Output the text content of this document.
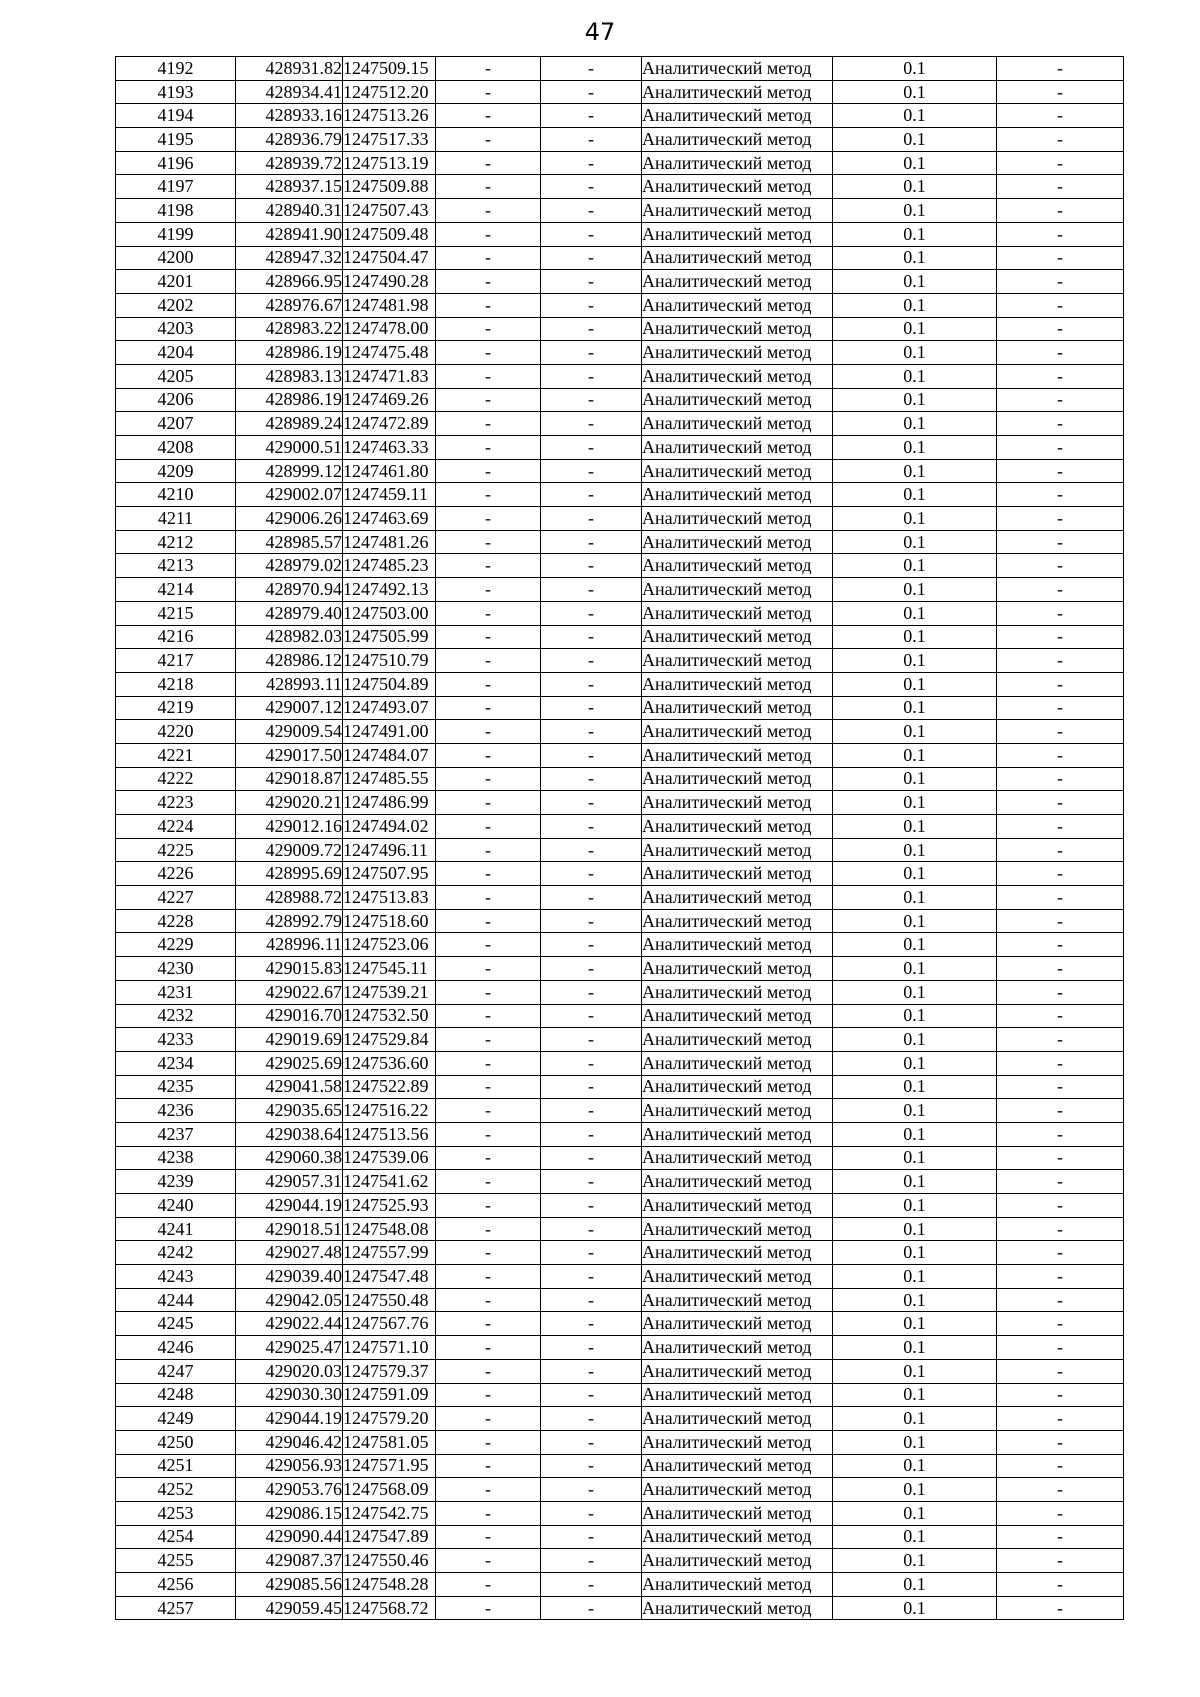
47
4192	428931.82	1247509.15	-	-	Аналитический метод	0.1	-
4193	428934.41	1247512.20	-	-	Аналитический метод	0.1	-
4194	428933.16	1247513.26	-	-	Аналитический метод	0.1	-
4195	428936.79	1247517.33	-	-	Аналитический метод	0.1	-
4196	428939.72	1247513.19	-	-	Аналитический метод	0.1	-
4197	428937.15	1247509.88	-	-	Аналитический метод	0.1	-
4198	428940.31	1247507.43	-	-	Аналитический метод	0.1	-
4199	428941.90	1247509.48	-	-	Аналитический метод	0.1	-
4200	428947.32	1247504.47	-	-	Аналитический метод	0.1	-
4201	428966.95	1247490.28	-	-	Аналитический метод	0.1	-
4202	428976.67	1247481.98	-	-	Аналитический метод	0.1	-
4203	428983.22	1247478.00	-	-	Аналитический метод	0.1	-
4204	428986.19	1247475.48	-	-	Аналитический метод	0.1	-
4205	428983.13	1247471.83	-	-	Аналитический метод	0.1	-
4206	428986.19	1247469.26	-	-	Аналитический метод	0.1	-
4207	428989.24	1247472.89	-	-	Аналитический метод	0.1	-
4208	429000.51	1247463.33	-	-	Аналитический метод	0.1	-
4209	428999.12	1247461.80	-	-	Аналитический метод	0.1	-
4210	429002.07	1247459.11	-	-	Аналитический метод	0.1	-
4211	429006.26	1247463.69	-	-	Аналитический метод	0.1	-
4212	428985.57	1247481.26	-	-	Аналитический метод	0.1	-
4213	428979.02	1247485.23	-	-	Аналитический метод	0.1	-
4214	428970.94	1247492.13	-	-	Аналитический метод	0.1	-
4215	428979.40	1247503.00	-	-	Аналитический метод	0.1	-
4216	428982.03	1247505.99	-	-	Аналитический метод	0.1	-
4217	428986.12	1247510.79	-	-	Аналитический метод	0.1	-
4218	428993.11	1247504.89	-	-	Аналитический метод	0.1	-
4219	429007.12	1247493.07	-	-	Аналитический метод	0.1	-
4220	429009.54	1247491.00	-	-	Аналитический метод	0.1	-
4221	429017.50	1247484.07	-	-	Аналитический метод	0.1	-
4222	429018.87	1247485.55	-	-	Аналитический метод	0.1	-
4223	429020.21	1247486.99	-	-	Аналитический метод	0.1	-
4224	429012.16	1247494.02	-	-	Аналитический метод	0.1	-
4225	429009.72	1247496.11	-	-	Аналитический метод	0.1	-
4226	428995.69	1247507.95	-	-	Аналитический метод	0.1	-
4227	428988.72	1247513.83	-	-	Аналитический метод	0.1	-
4228	428992.79	1247518.60	-	-	Аналитический метод	0.1	-
4229	428996.11	1247523.06	-	-	Аналитический метод	0.1	-
4230	429015.83	1247545.11	-	-	Аналитический метод	0.1	-
4231	429022.67	1247539.21	-	-	Аналитический метод	0.1	-
4232	429016.70	1247532.50	-	-	Аналитический метод	0.1	-
4233	429019.69	1247529.84	-	-	Аналитический метод	0.1	-
4234	429025.69	1247536.60	-	-	Аналитический метод	0.1	-
4235	429041.58	1247522.89	-	-	Аналитический метод	0.1	-
4236	429035.65	1247516.22	-	-	Аналитический метод	0.1	-
4237	429038.64	1247513.56	-	-	Аналитический метод	0.1	-
4238	429060.38	1247539.06	-	-	Аналитический метод	0.1	-
4239	429057.31	1247541.62	-	-	Аналитический метод	0.1	-
4240	429044.19	1247525.93	-	-	Аналитический метод	0.1	-
4241	429018.51	1247548.08	-	-	Аналитический метод	0.1	-
4242	429027.48	1247557.99	-	-	Аналитический метод	0.1	-
4243	429039.40	1247547.48	-	-	Аналитический метод	0.1	-
4244	429042.05	1247550.48	-	-	Аналитический метод	0.1	-
4245	429022.44	1247567.76	-	-	Аналитический метод	0.1	-
4246	429025.47	1247571.10	-	-	Аналитический метод	0.1	-
4247	429020.03	1247579.37	-	-	Аналитический метод	0.1	-
4248	429030.30	1247591.09	-	-	Аналитический метод	0.1	-
4249	429044.19	1247579.20	-	-	Аналитический метод	0.1	-
4250	429046.42	1247581.05	-	-	Аналитический метод	0.1	-
4251	429056.93	1247571.95	-	-	Аналитический метод	0.1	-
4252	429053.76	1247568.09	-	-	Аналитический метод	0.1	-
4253	429086.15	1247542.75	-	-	Аналитический метод	0.1	-
4254	429090.44	1247547.89	-	-	Аналитический метод	0.1	-
4255	429087.37	1247550.46	-	-	Аналитический метод	0.1	-
4256	429085.56	1247548.28	-	-	Аналитический метод	0.1	-
4257	429059.45	1247568.72	-	-	Аналитический метод	0.1	-
